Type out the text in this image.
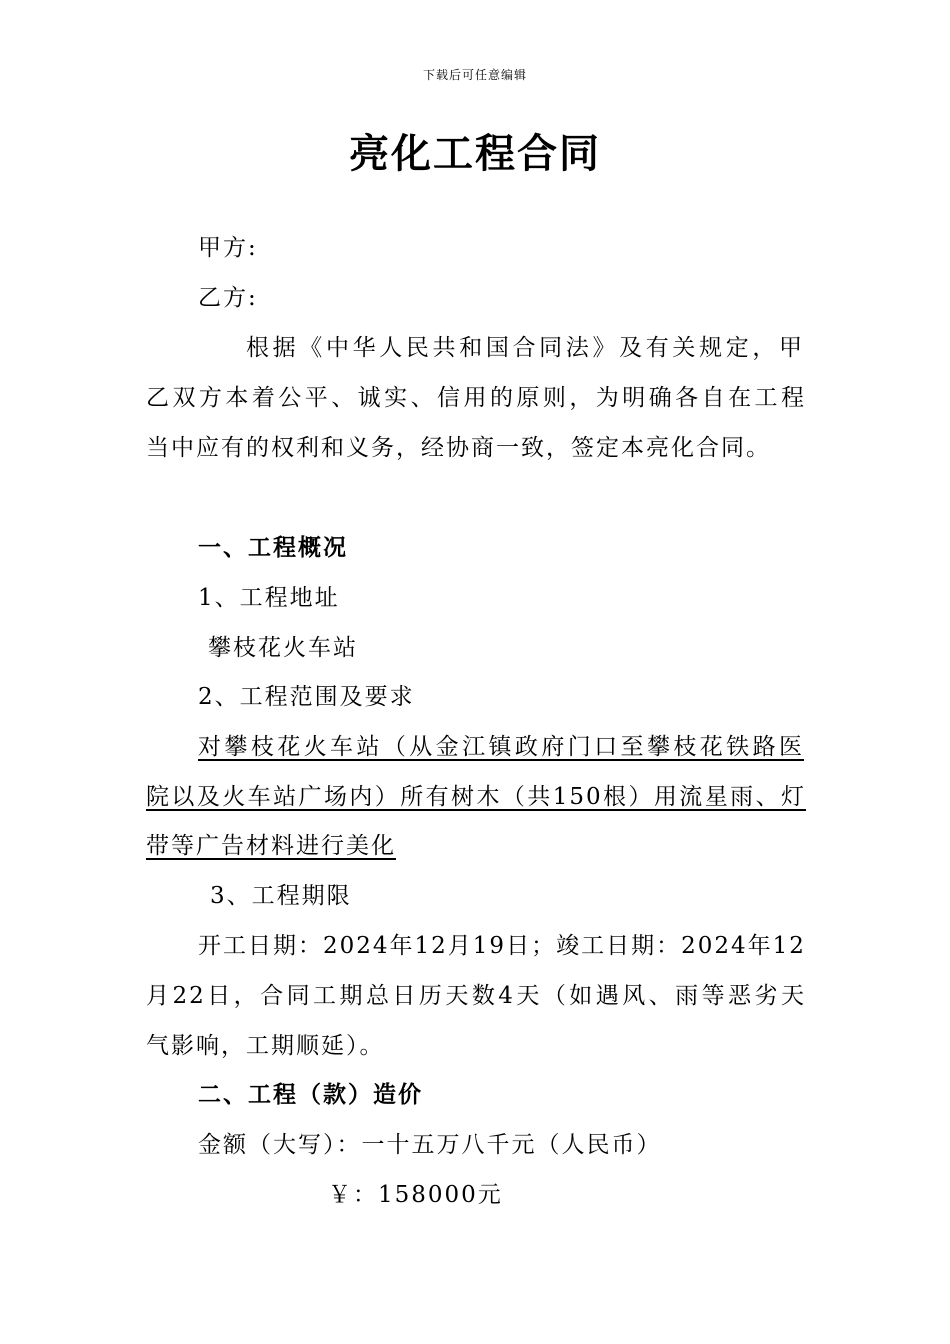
下载后可任意编辑
亮化工程合同
甲方:
乙方:
根据《中华人民共和国合同法》及有关规定，甲
乙双方本着公平、诚实、信用的原则，为明确各自在工程
当中应有的权利和义务，经协商一致，签定本亮化合同。
一、工程概况
1、工程地址
攀枝花火车站
2、工程范围及要求
对攀枝花火车站（从金江镇政府门口至攀枝花铁路医
院以及火车站广场内）所有树木（共150根）用流星雨、灯
带等广告材料进行美化
3、工程期限
开工日期：2024年12月19日；竣工日期：2024年12
月22日，合同工期总日历天数4天（如遇风、雨等恶劣天
气影响，工期顺延）。
二、工程（款）造价
金额（大写）：一十五万八千元（人民币）
￥：158000元
